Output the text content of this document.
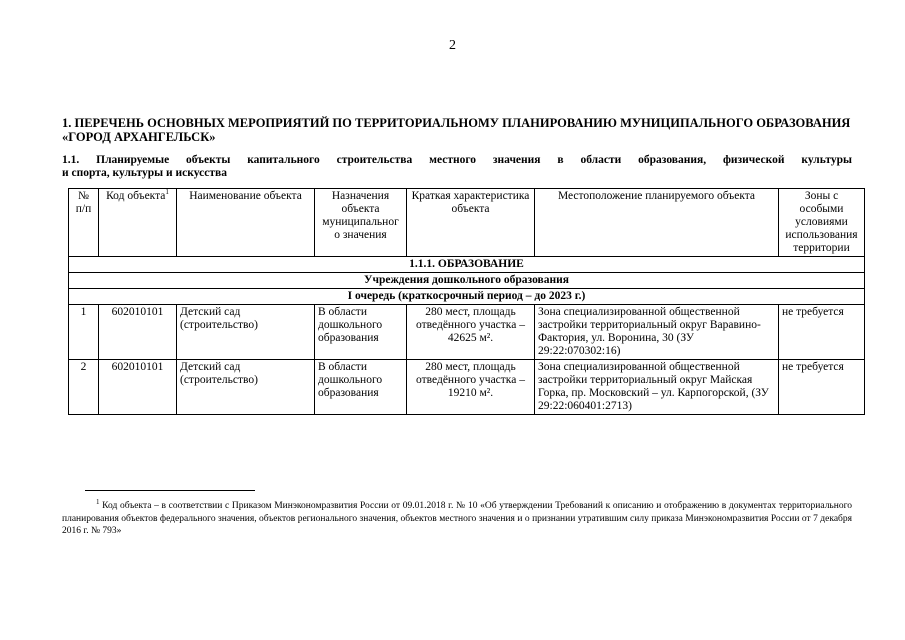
2
1. ПЕРЕЧЕНЬ ОСНОВНЫХ МЕРОПРИЯТИЙ ПО ТЕРРИТОРИАЛЬНОМУ ПЛАНИРОВАНИЮ МУНИЦИПАЛЬНОГО ОБРАЗОВАНИЯ «ГОРОД АРХАНГЕЛЬСК»
1.1. Планируемые объекты капитального строительства местного значения в области образования, физической культуры
и спорта, культуры и искусства
№ п/п	Код объекта$^1$	Наименование объекта	Назначения объекта муниципальног о значения	Краткая характеристика объекта	Местоположение планируемого объекта	Зоны с особыми условиями использования территории
1.1.1. ОБРАЗОВАНИЕ						
Учреждения дошкольного образования						
I очередь (краткосрочный период – до 2023 г.)						
1	602010101	Детский сад (строительство)	В области дошкольного образования	280 мест, площадь отведённого участка –42625 м².	Зона специализированной общественной застройки территориальный округ Варавино-Фактория, ул. Воронина, 30 (ЗУ 29:22:070302:16)	не требуется
2	602010101	Детский сад (строительство)	В области дошкольного образования	280 мест, площадь отведённого участка –19210 м².	Зона специализированной общественной застройки территориальный округ Майская Горка, пр. Московский – ул. Карпогорской, (ЗУ 29:22:060401:2713)	не требуется
$^1$ Код объекта – в соответствии с Приказом Минэкономразвития России от 09.01.2018 г. № 10 «Об утверждении Требований к описанию и отображению в документах территориального планирования объектов федерального значения, объектов регионального значения, объектов местного значения и о признании утратившим силу приказа Минэкономразвития России от 7 декабря 2016 г. № 793»
